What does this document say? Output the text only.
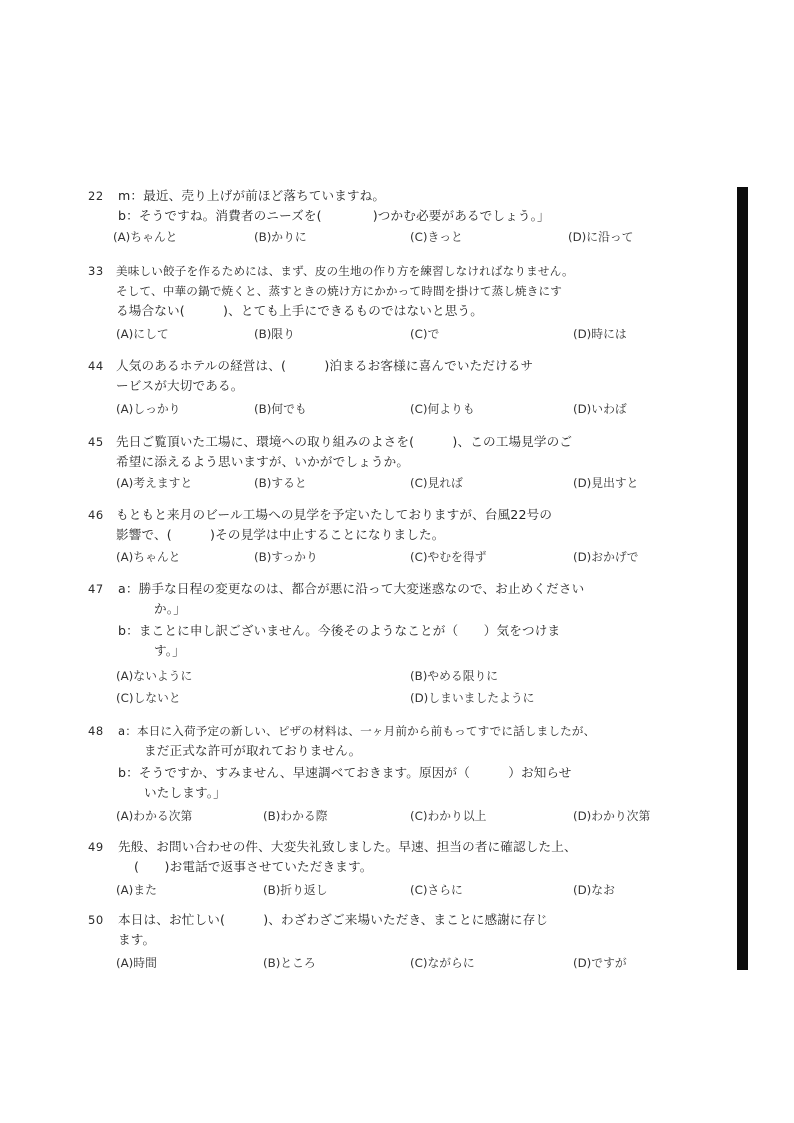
22 m：最近、売り上げが前ほど落ちていますね。
b：そうですね。消費者のニーズを(　　　　)つかむ必要があるでしょう。」
(A)ちゃんと	(B)かりに	(C)きっと	(D)に沿って
33 美味しい餃子を作るためには、まず、皮の生地の作り方を練習しなければなりません。
そして、中華の鍋で焼くと、蒸すときの焼け方にかかって時間を掛けて蒸し焼きにす
る場合ない(　　　)、とても上手にできるものではないと思う。
(A)にして	(B)限り	(C)で	(D)時には
44 人気のあるホテルの経営は、(　　　)泊まるお客様に喜んでいただけるサ
ービスが大切である。
(A)しっかり	(B)何でも	(C)何よりも	(D)いわば
45 先日ご覧頂いた工場に、環境への取り組みのよさを(　　　)、この工場見学のご
希望に添えるよう思いますが、いかがでしょうか。
(A)考えますと	(B)すると	(C)見れば	(D)見出すと
46 もともと来月のビール工場への見学を予定いたしておりますが、台風22号の
影響で、(　　　)その見学は中止することになりました。
(A)ちゃんと	(B)すっかり	(C)やむを得ず	(D)おかげで
47 a：勝手な日程の変更なのは、都合が悪に沿って大変迷惑なので、お止めください
か。」
b：まことに申し訳ございません。今後そのようなことが（　　）気をつけま
す。」
(A)ないように	(B)やめる限りに
(C)しないと	(D)しまいましたように
48 a：本日に入荷予定の新しい、ピザの材料は、一ヶ月前から前もってすでに話しましたが、
まだ正式な許可が取れておりません。
b：そうですか、すみません、早速調べておきます。原因が（　　　）お知らせ
いたします。」
(A)わかる次第	(B)わかる際	(C)わかり以上	(D)わかり次第
49 先般、お問い合わせの件、大変失礼致しました。早速、担当の者に確認した上、
(　　)お電話で返事させていただきます。
(A)また	(B)折り返し	(C)さらに	(D)なお
50 本日は、お忙しい(　　　)、わざわざご来場いただき、まことに感謝に存じ
ます。
(A)時間	(B)ところ	(C)ながらに	(D)ですが
